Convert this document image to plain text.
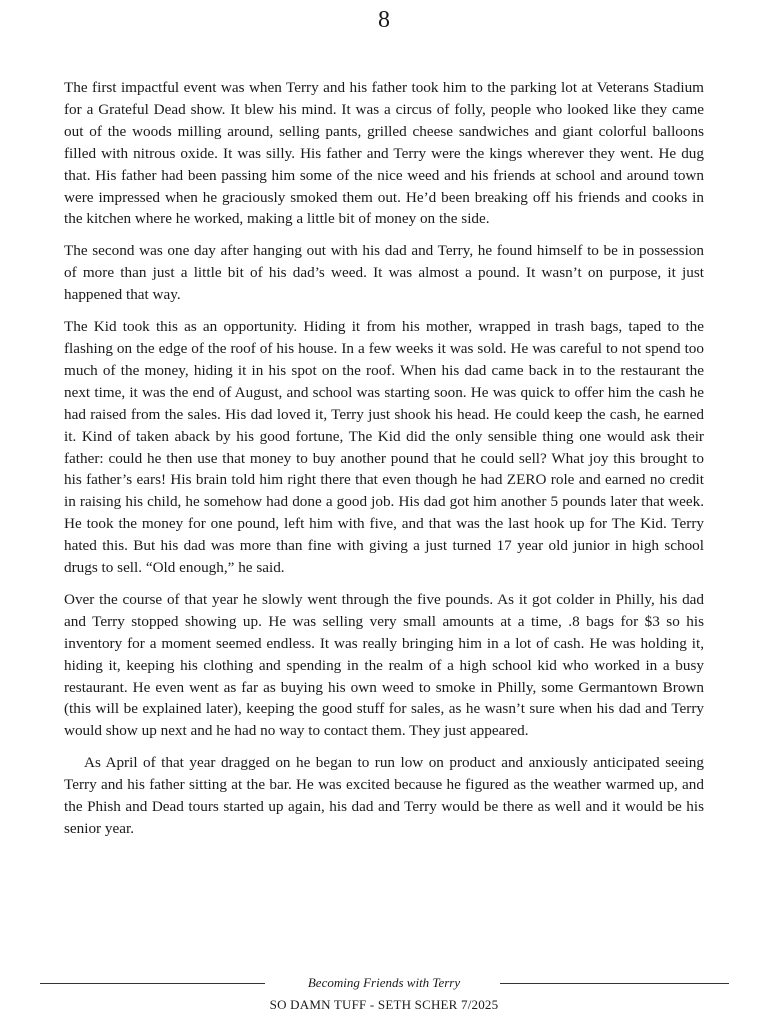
8

The first impactful event was when Terry and his father took him to the parking lot at Veterans Stadium for a Grateful Dead show. It blew his mind. It was a circus of folly, people who looked like they came out of the woods milling around, selling pants, grilled cheese sandwiches and giant colorful balloons filled with nitrous oxide. It was silly. His father and Terry were the kings wherever they went. He dug that. His father had been passing him some of the nice weed and his friends at school and around town were impressed when he graciously smoked them out. He’d been breaking off his friends and cooks in the kitchen where he worked, making a little bit of money on the side.

The second was one day after hanging out with his dad and Terry, he found himself to be in possession of more than just a little bit of his dad’s weed. It was almost a pound. It wasn’t on purpose, it just happened that way.

The Kid took this as an opportunity. Hiding it from his mother, wrapped in trash bags, taped to the flashing on the edge of the roof of his house. In a few weeks it was sold. He was careful to not spend too much of the money, hiding it in his spot on the roof. When his dad came back in to the restaurant the next time, it was the end of August, and school was starting soon. He was quick to offer him the cash he had raised from the sales. His dad loved it, Terry just shook his head. He could keep the cash, he earned it. Kind of taken aback by his good fortune, The Kid did the only sensible thing one would ask their father: could he then use that money to buy another pound that he could sell? What joy this brought to his father’s ears! His brain told him right there that even though he had ZERO role and earned no credit in raising his child, he somehow had done a good job. His dad got him another 5 pounds later that week. He took the money for one pound, left him with five, and that was the last hook up for The Kid. Terry hated this. But his dad was more than fine with giving a just turned 17 year old junior in high school drugs to sell. “Old enough,” he said.

Over the course of that year he slowly went through the five pounds. As it got colder in Philly, his dad and Terry stopped showing up. He was selling very small amounts at a time, .8 bags for $3 so his inventory for a moment seemed endless. It was really bringing him in a lot of cash. He was holding it, hiding it, keeping his clothing and spending in the realm of a high school kid who worked in a busy restaurant. He even went as far as buying his own weed to smoke in Philly, some Germantown Brown (this will be explained later), keeping the good stuff for sales, as he wasn’t sure when his dad and Terry would show up next and he had no way to contact them. They just appeared.

As April of that year dragged on he began to run low on product and anxiously anticipated seeing Terry and his father sitting at the bar. He was excited because he figured as the weather warmed up, and the Phish and Dead tours started up again, his dad and Terry would be there as well and it would be his senior year.

Becoming Friends with Terry
SO DAMN TUFF - SETH SCHER 7/2025
